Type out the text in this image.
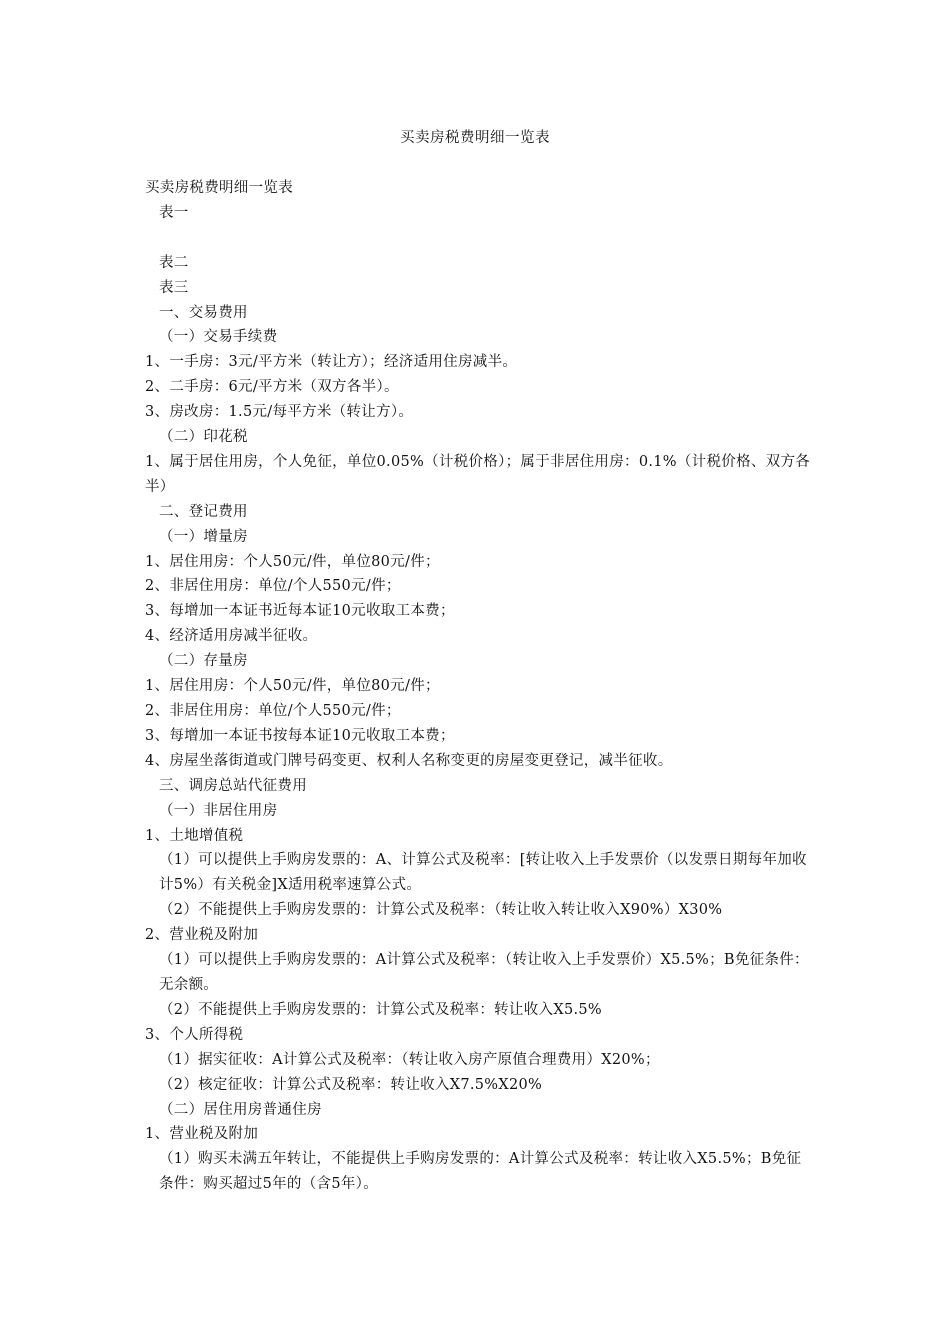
买卖房税费明细一览表
买卖房税费明细一览表
表一
表二
表三
一、交易费用
（一）交易手续费
1、一手房：3元/平方米（转让方）；经济适用住房减半。
2、二手房：6元/平方米（双方各半）。
3、房改房：1.5元/每平方米（转让方）。
（二）印花税
1、属于居住用房，个人免征，单位0.05%（计税价格）；属于非居住用房：0.1%（计税价格、双方各半）
二、登记费用
（一）增量房
1、居住用房：个人50元/件，单位80元/件；
2、非居住用房：单位/个人550元/件；
3、每增加一本证书近每本证10元收取工本费；
4、经济适用房减半征收。
（二）存量房
1、居住用房：个人50元/件，单位80元/件；
2、非居住用房：单位/个人550元/件；
3、每增加一本证书按每本证10元收取工本费；
4、房屋坐落街道或门牌号码变更、权利人名称变更的房屋变更登记，减半征收。
三、调房总站代征费用
（一）非居住用房
1、土地增值税
（1）可以提供上手购房发票的：A、计算公式及税率：[转让收入上手发票价（以发票日期每年加收计5%）有关税金]X适用税率速算公式。
（2）不能提供上手购房发票的：计算公式及税率：（转让收入转让收入X90%）X30%
2、营业税及附加
（1）可以提供上手购房发票的：A计算公式及税率：（转让收入上手发票价）X5.5%；B免征条件：无余额。
（2）不能提供上手购房发票的：计算公式及税率：转让收入X5.5%
3、个人所得税
（1）据实征收：A计算公式及税率：（转让收入房产原值合理费用）X20%；
（2）核定征收：计算公式及税率：转让收入X7.5%X20%
（二）居住用房普通住房
1、营业税及附加
（1）购买未满五年转让，不能提供上手购房发票的：A计算公式及税率：转让收入X5.5%；B免征条件：购买超过5年的（含5年）。
